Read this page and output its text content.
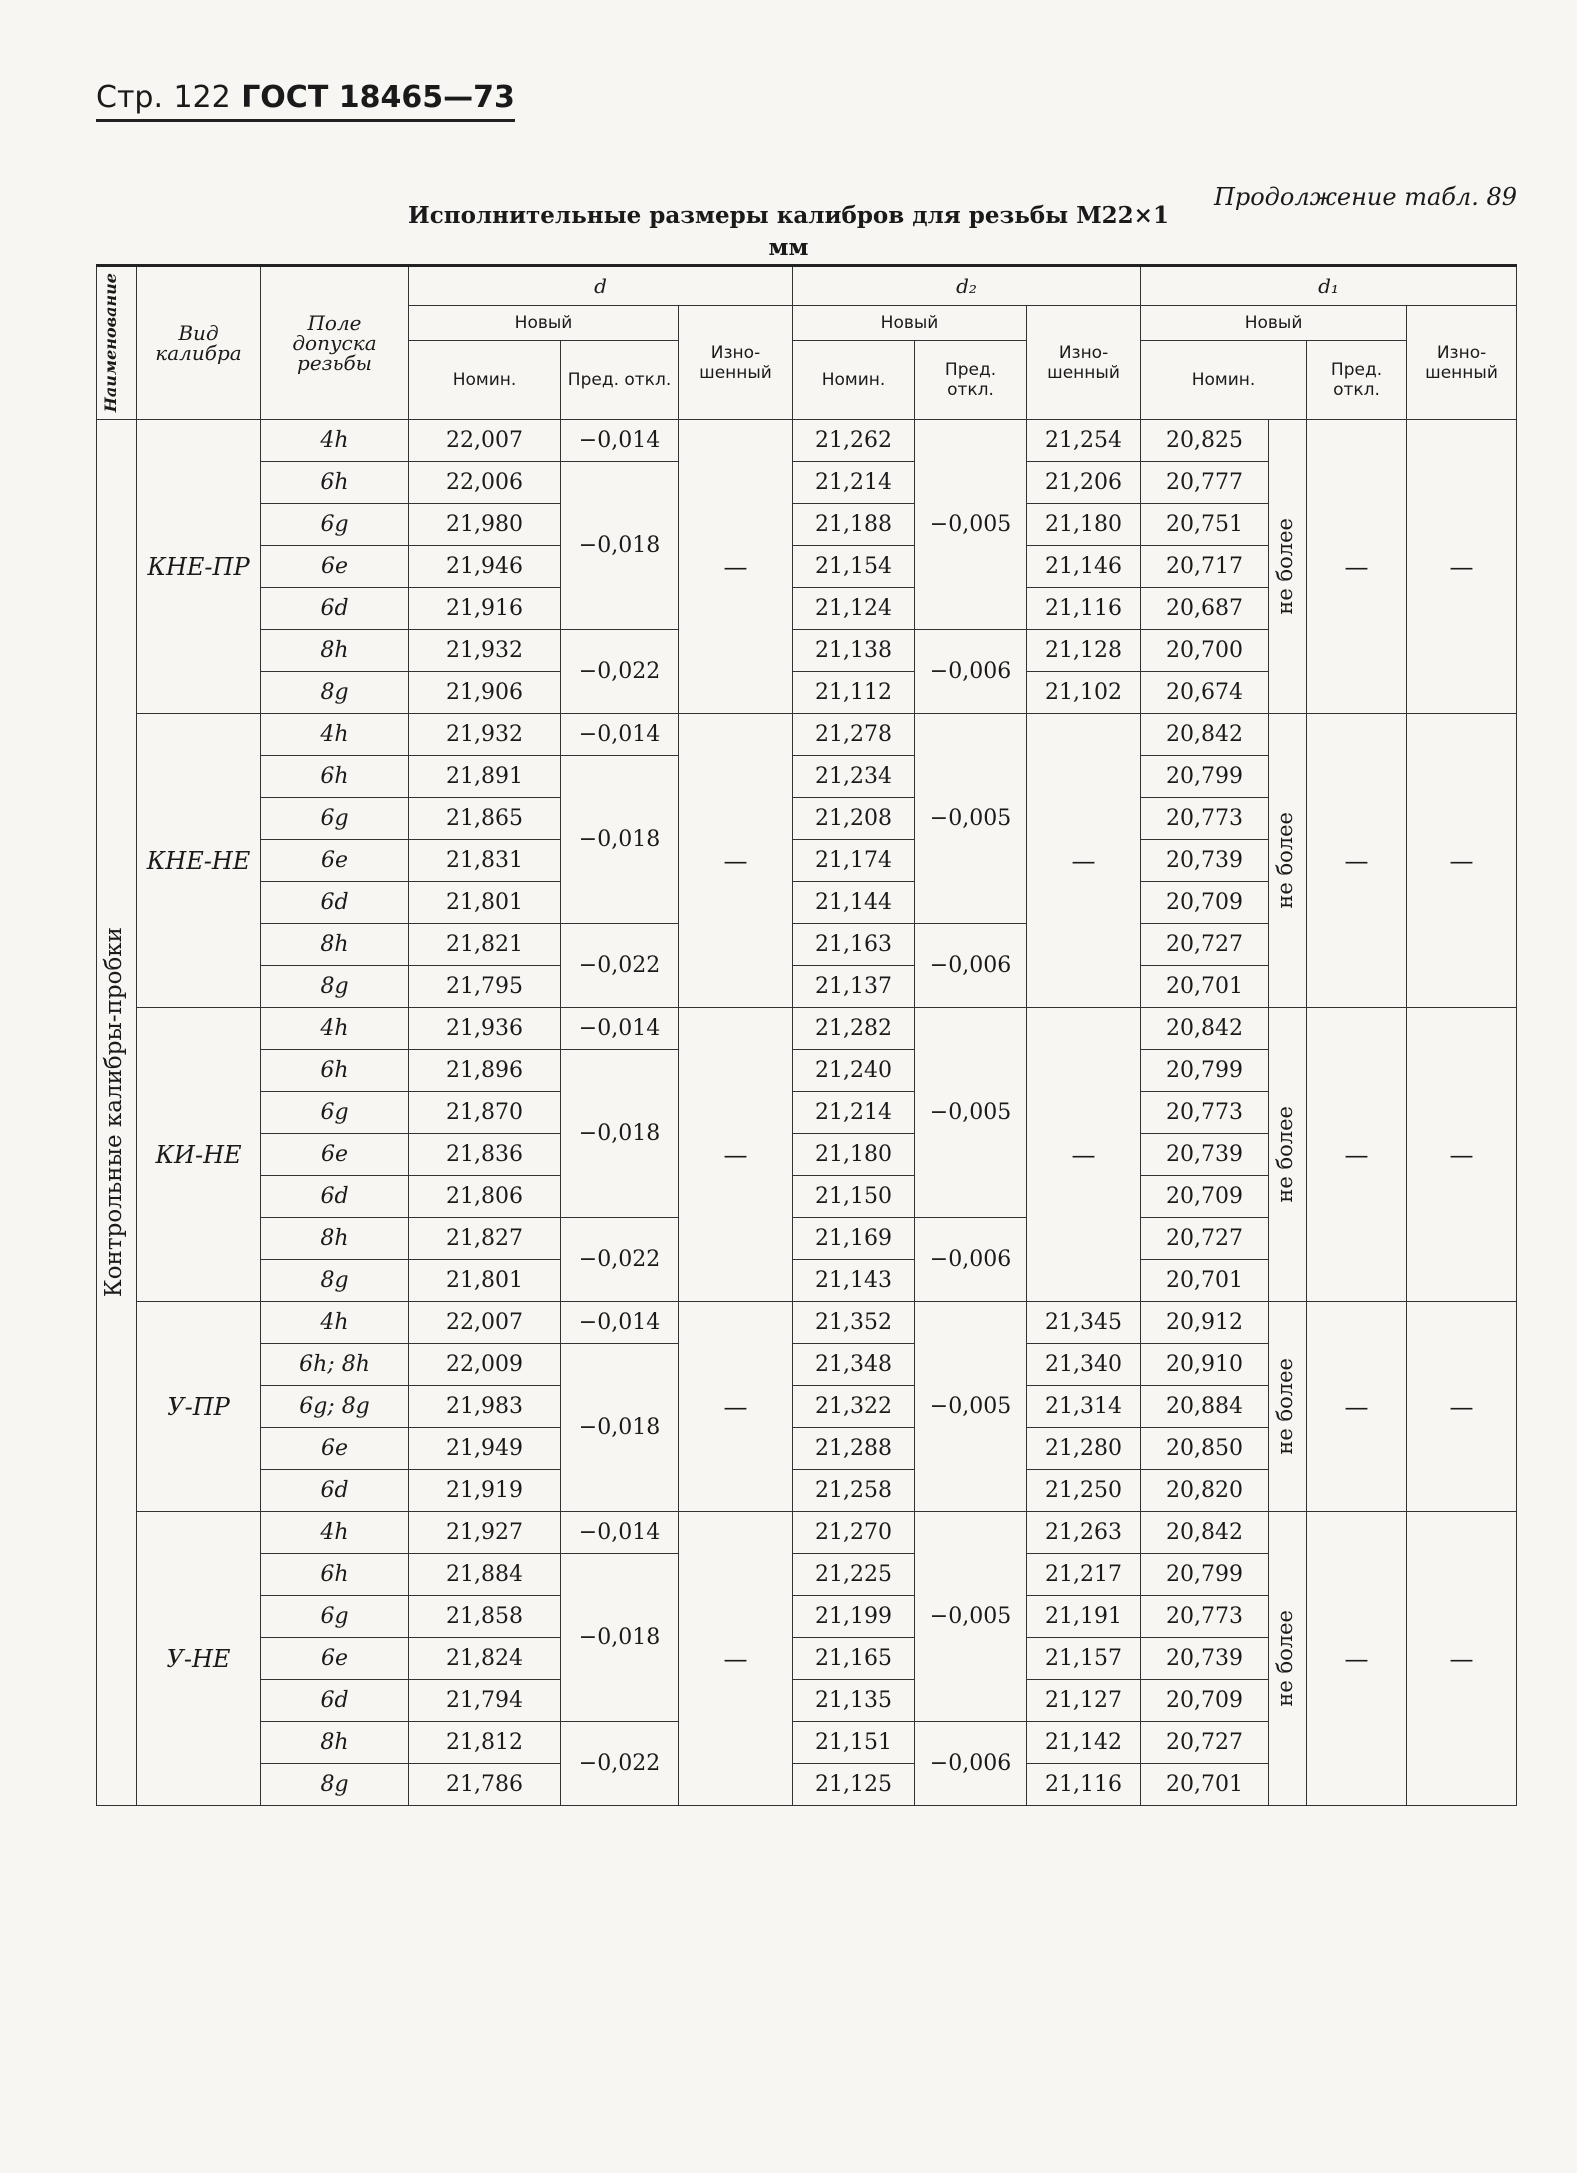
Стр. 122 ГОСТ 18465—73
Продолжение табл. 89
Исполнительные размеры калибров для резьбы М22×1
мм
Наименование	Вид калибра	Поле допуска резьбы	d			d₂			d₁			
			Новый		Изно-шенный	Новый		Изно-шенный	Новый			Изно-шенный
			Номин.	Пред. откл.		Номин.	Пред. откл.		Номин.		Пред. откл.	

Контрольные калибры-пробки	КНЕ-ПР	4h	22,007	−0,014	—	21,262	−0,005	21,254	20,825	не более	—	—
		6h	22,006	−0,018		21,214		21,206	20,777			
		6g	21,980			21,188		21,180	20,751			
		6e	21,946			21,154		21,146	20,717			
		6d	21,916			21,124		21,116	20,687			
		8h	21,932	−0,022		21,138	−0,006	21,128	20,700			
		8g	21,906			21,112		21,102	20,674			
	КНЕ-НЕ	4h	21,932	−0,014	—	21,278	−0,005	—	20,842	не более	—	—
		6h	21,891	−0,018		21,234			20,799			
		6g	21,865			21,208			20,773			
		6e	21,831			21,174			20,739			
		6d	21,801			21,144			20,709			
		8h	21,821	−0,022		21,163	−0,006		20,727			
		8g	21,795			21,137			20,701			
	КИ-НЕ	4h	21,936	−0,014	—	21,282	−0,005	—	20,842	не более	—	—
		6h	21,896	−0,018		21,240			20,799			
		6g	21,870			21,214			20,773			
		6e	21,836			21,180			20,739			
		6d	21,806			21,150			20,709			
		8h	21,827	−0,022		21,169	−0,006		20,727			
		8g	21,801			21,143			20,701			
	У-ПР	4h	22,007	−0,014	—	21,352	−0,005	21,345	20,912	не более	—	—
		6h; 8h	22,009	−0,018		21,348		21,340	20,910			
		6g; 8g	21,983			21,322		21,314	20,884			
		6e	21,949			21,288		21,280	20,850			
		6d	21,919			21,258		21,250	20,820			
	У-НЕ	4h	21,927	−0,014	—	21,270	−0,005	21,263	20,842	не более	—	—
		6h	21,884	−0,018		21,225		21,217	20,799			
		6g	21,858			21,199		21,191	20,773			
		6e	21,824			21,165		21,157	20,739			
		6d	21,794			21,135		21,127	20,709			
		8h	21,812	−0,022		21,151	−0,006	21,142	20,727			
		8g	21,786			21,125		21,116	20,701			
